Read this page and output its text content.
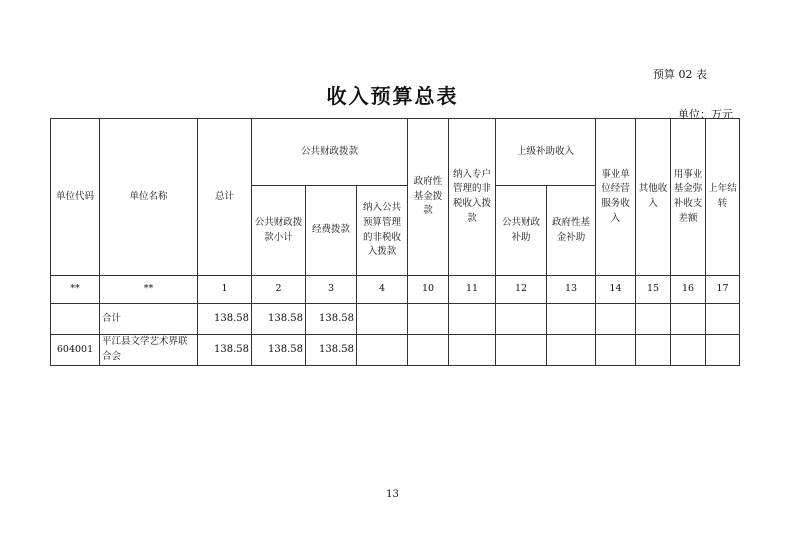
预算 02 表
收入预算总表
单位：万元
单位代码	单位名称	总计	公共财政拨款			政府性基金拨款	纳入专户管理的非税收入拨款	上级补助收入		事业单位经营服务收入	其他收入	用事业基金弥补收支差额	上年结转
			公共财政拨款小计	经费拨款	纳入公共预算管理的非税收入拨款			公共财政补助	政府性基金补助				
**	**	1	2	3	4	10	11	12	13	14	15	16	17
	合计	138.58	138.58	138.58									
604001	平江县文学艺术界联合会	138.58	138.58	138.58									
13
